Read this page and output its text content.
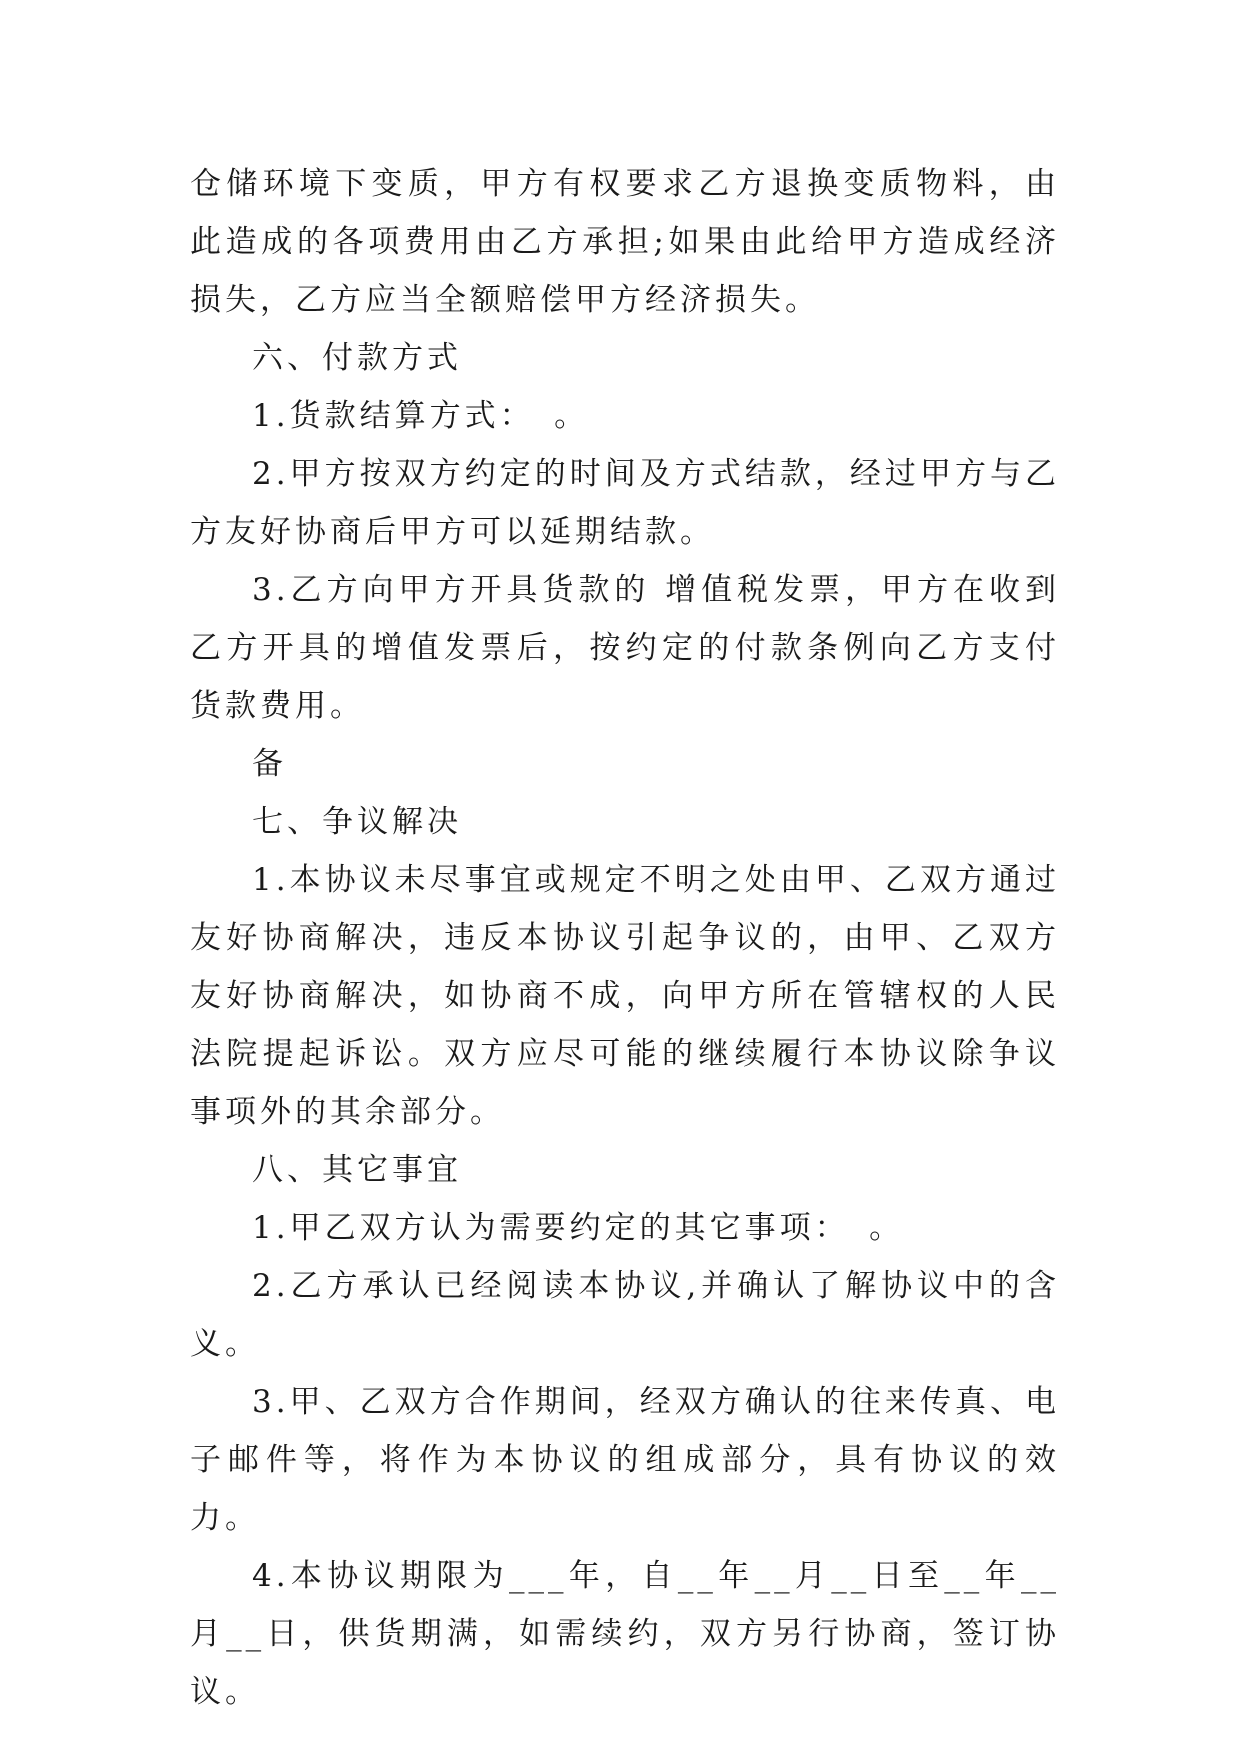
仓储环境下变质，甲方有权要求乙方退换变质物料，由此造成的各项费用由乙方承担;如果由此给甲方造成经济损失，乙方应当全额赔偿甲方经济损失。

六、付款方式

1.货款结算方式：　。

2.甲方按双方约定的时间及方式结款，经过甲方与乙方友好协商后甲方可以延期结款。

3.乙方向甲方开具货款的 增值税发票，甲方在收到乙方开具的增值发票后，按约定的付款条例向乙方支付货款费用。

备

七、争议解决

1.本协议未尽事宜或规定不明之处由甲、乙双方通过友好协商解决，违反本协议引起争议的，由甲、乙双方友好协商解决，如协商不成，向甲方所在管辖权的人民法院提起诉讼。双方应尽可能的继续履行本协议除争议事项外的其余部分。

八、其它事宜

1.甲乙双方认为需要约定的其它事项：　。

2.乙方承认已经阅读本协议,并确认了解协议中的含义。

3.甲、乙双方合作期间，经双方确认的往来传真、电子邮件等，将作为本协议的组成部分，具有协议的效力。

4.本协议期限为___年，自__年__月__日至__年__月__日，供货期满，如需续约，双方另行协商，签订协议。
